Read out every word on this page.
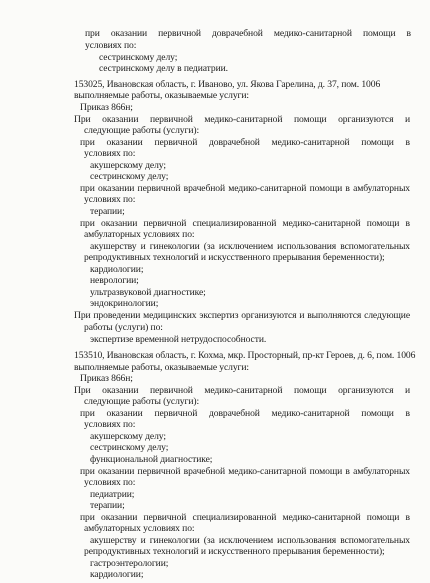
при оказании первичной доврачебной медико-санитарной помощи в
условиях по:
сестринскому делу;
сестринскому делу в педиатрии.
153025, Ивановская область, г. Иваново, ул. Якова Гарелина, д. 37, пом. 1006
выполняемые работы, оказываемые услуги:
Приказ 866н;
При оказании первичной медико-санитарной помощи организуются и
следующие работы (услуги):
при оказании первичной доврачебной медико-санитарной помощи в
условиях по:
акушерскому делу;
сестринскому делу;
при оказании первичной врачебной медико-санитарной помощи в амбулаторных
условиях по:
терапии;
при оказании первичной специализированной медико-санитарной помощи в
амбулаторных условиях по:
акушерству и гинекологии (за исключением использования вспомогательных
репродуктивных технологий и искусственного прерывания беременности);
кардиологии;
неврологии;
ультразвуковой диагностике;
эндокринологии;
При проведении медицинских экспертиз организуются и выполняются следующие
работы (услуги) по:
экспертизе временной нетрудоспособности.
153510, Ивановская область, г. Кохма, мкр. Просторный, пр-кт Героев, д. 6, пом. 1006
выполняемые работы, оказываемые услуги:
Приказ 866н;
При оказании первичной медико-санитарной помощи организуются и
следующие работы (услуги):
при оказании первичной доврачебной медико-санитарной помощи в
условиях по:
акушерскому делу;
сестринскому делу;
функциональной диагностике;
при оказании первичной врачебной медико-санитарной помощи в амбулаторных
условиях по:
педиатрии;
терапии;
при оказании первичной специализированной медико-санитарной помощи в
амбулаторных условиях по:
акушерству и гинекологии (за исключением использования вспомогательных
репродуктивных технологий и искусственного прерывания беременности);
гастроэнтерологии;
кардиологии;
